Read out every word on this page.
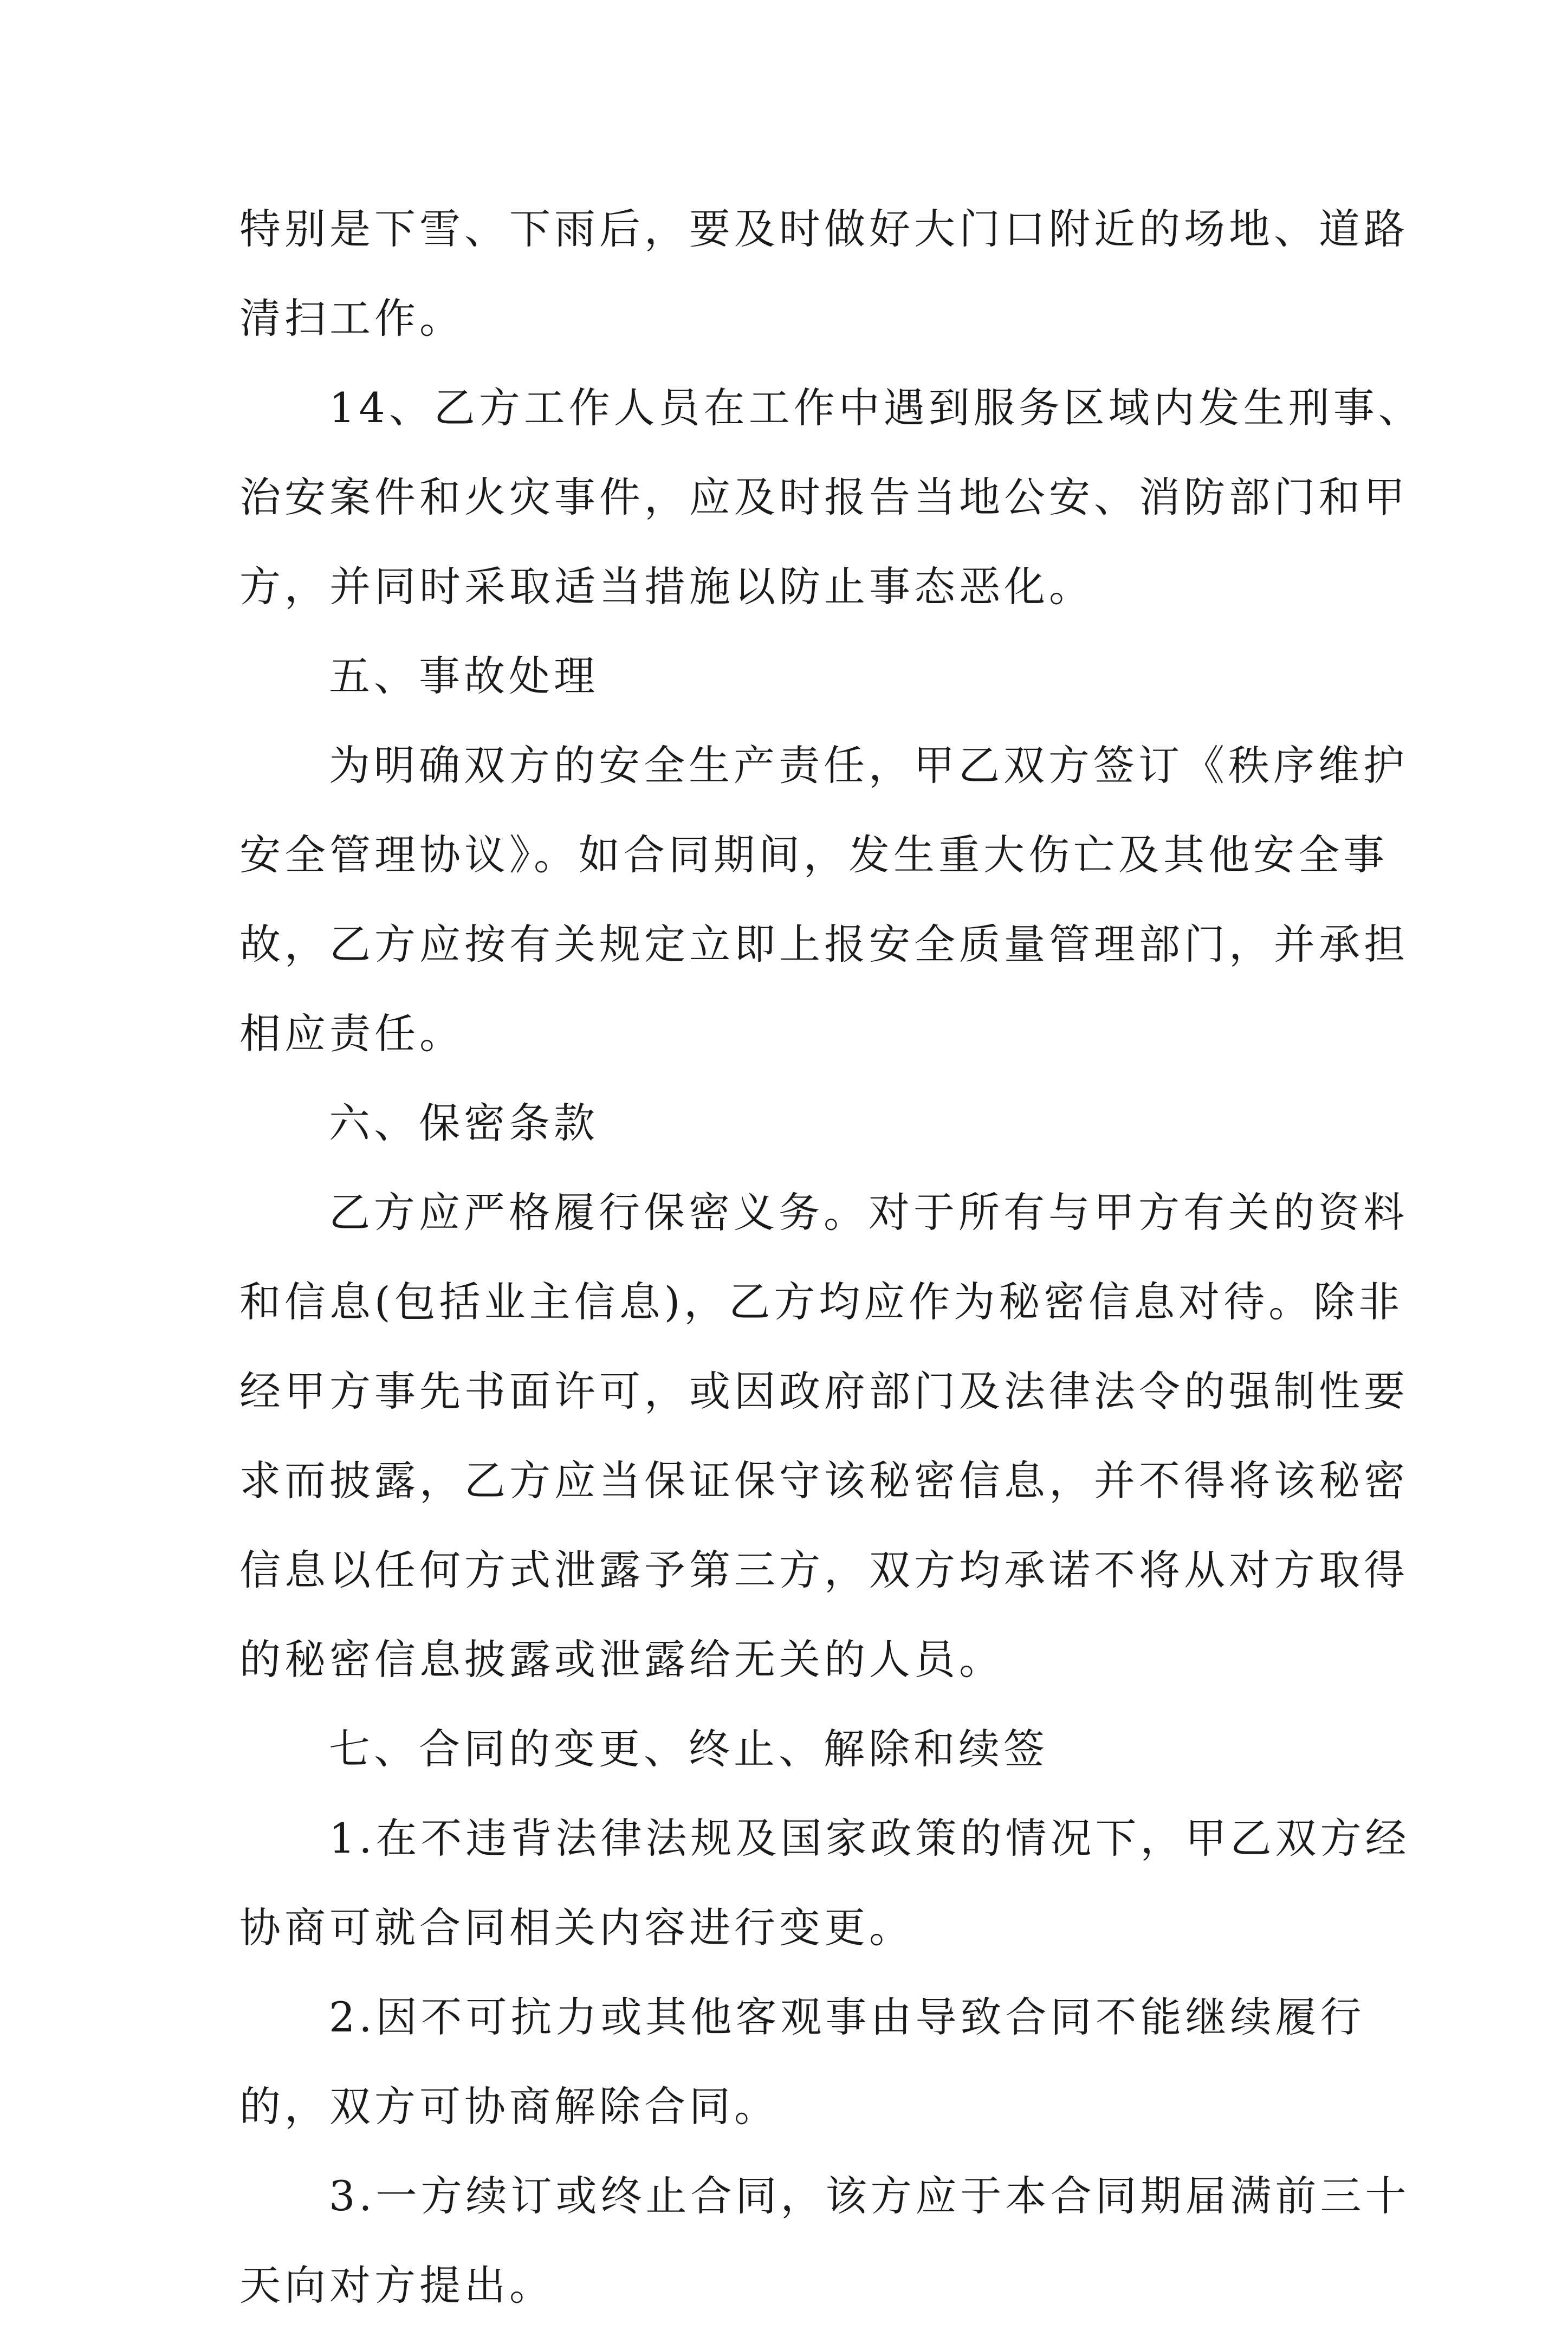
特别是下雪、下雨后，要及时做好大门口附近的场地、道路
清扫工作。
14、乙方工作人员在工作中遇到服务区域内发生刑事、
治安案件和火灾事件，应及时报告当地公安、消防部门和甲
方，并同时采取适当措施以防止事态恶化。
五、事故处理
为明确双方的安全生产责任，甲乙双方签订《秩序维护
安全管理协议》。如合同期间，发生重大伤亡及其他安全事
故，乙方应按有关规定立即上报安全质量管理部门，并承担
相应责任。
六、保密条款
乙方应严格履行保密义务。对于所有与甲方有关的资料
和信息(包括业主信息)，乙方均应作为秘密信息对待。除非
经甲方事先书面许可，或因政府部门及法律法令的强制性要
求而披露，乙方应当保证保守该秘密信息，并不得将该秘密
信息以任何方式泄露予第三方，双方均承诺不将从对方取得
的秘密信息披露或泄露给无关的人员。
七、合同的变更、终止、解除和续签
1.在不违背法律法规及国家政策的情况下，甲乙双方经
协商可就合同相关内容进行变更。
2.因不可抗力或其他客观事由导致合同不能继续履行
的，双方可协商解除合同。
3.一方续订或终止合同，该方应于本合同期届满前三十
天向对方提出。
